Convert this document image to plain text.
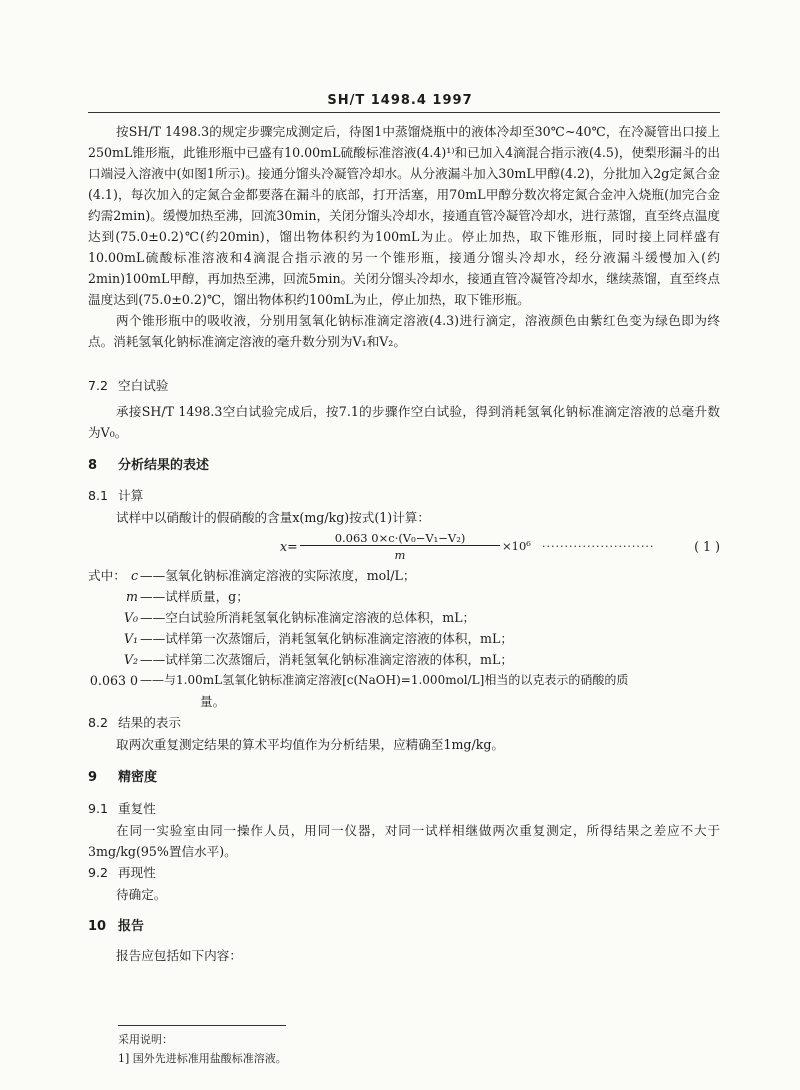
SH/T 1498.4 1997

按SH/T 1498.3的规定步骤完成测定后，待图1中蒸馏烧瓶中的液体冷却至30℃~40℃，在冷凝管出口接上250mL锥形瓶，此锥形瓶中已盛有10.00mL硫酸标准溶液(4.4)¹⁾和已加入4滴混合指示液(4.5)，使梨形漏斗的出口端浸入溶液中(如图1所示)。接通分馏头冷凝管冷却水。从分液漏斗加入30mL甲醇(4.2)，分批加入2g定氮合金(4.1)，每次加入的定氮合金都要落在漏斗的底部，打开活塞，用70mL甲醇分数次将定氮合金冲入烧瓶(加完合金约需2min)。缓慢加热至沸，回流30min，关闭分馏头冷却水，接通直管冷凝管冷却水，进行蒸馏，直至终点温度达到(75.0±0.2)℃(约20min)，馏出物体积约为100mL为止。停止加热，取下锥形瓶，同时接上同样盛有10.00mL硫酸标准溶液和4滴混合指示液的另一个锥形瓶，接通分馏头冷却水，经分液漏斗缓慢加入(约2min)100mL甲醇，再加热至沸，回流5min。关闭分馏头冷却水，接通直管冷凝管冷却水，继续蒸馏，直至终点温度达到(75.0±0.2)℃，馏出物体积约100mL为止，停止加热，取下锥形瓶。

两个锥形瓶中的吸收液，分别用氢氧化钠标准滴定溶液(4.3)进行滴定，溶液颜色由紫红色变为绿色即为终点。消耗氢氧化钠标准滴定溶液的毫升数分别为V₁和V₂。

7.2 空白试验

承接SH/T 1498.3空白试验完成后，按7.1的步骤作空白试验，得到消耗氢氧化钠标准滴定溶液的总毫升数为V₀。

8 分析结果的表述
8.1 计算

试样中以硝酸计的假硝酸的含量x(mg/kg)按式(1)计算：

x=
0.063 0×c·(V₀−V₁−V₂)
m
×10⁶ ·························	( 1 )
式中： c ——氢氧化钠标准滴定溶液的实际浓度，mol/L；
m ——试样质量，g；
V₀ ——空白试验所消耗氢氧化钠标准滴定溶液的总体积，mL；
V₁ ——试样第一次蒸馏后，消耗氢氧化钠标准滴定溶液的体积，mL；
V₂ ——试样第二次蒸馏后，消耗氢氧化钠标准滴定溶液的体积，mL；
0.063 0 ——与1.00mL氢氧化钠标准滴定溶液[c(NaOH)=1.000mol/L]相当的以克表示的硝酸的质
量。
8.2 结果的表示

取两次重复测定结果的算术平均值作为分析结果，应精确至1mg/kg。

9 精密度
9.1 重复性

在同一实验室由同一操作人员，用同一仪器，对同一试样相继做两次重复测定，所得结果之差应不大于3mg/kg(95%置信水平)。

9.2 再现性

待确定。

10 报告

报告应包括如下内容：

采用说明：
1] 国外先进标准用盐酸标准溶液。
